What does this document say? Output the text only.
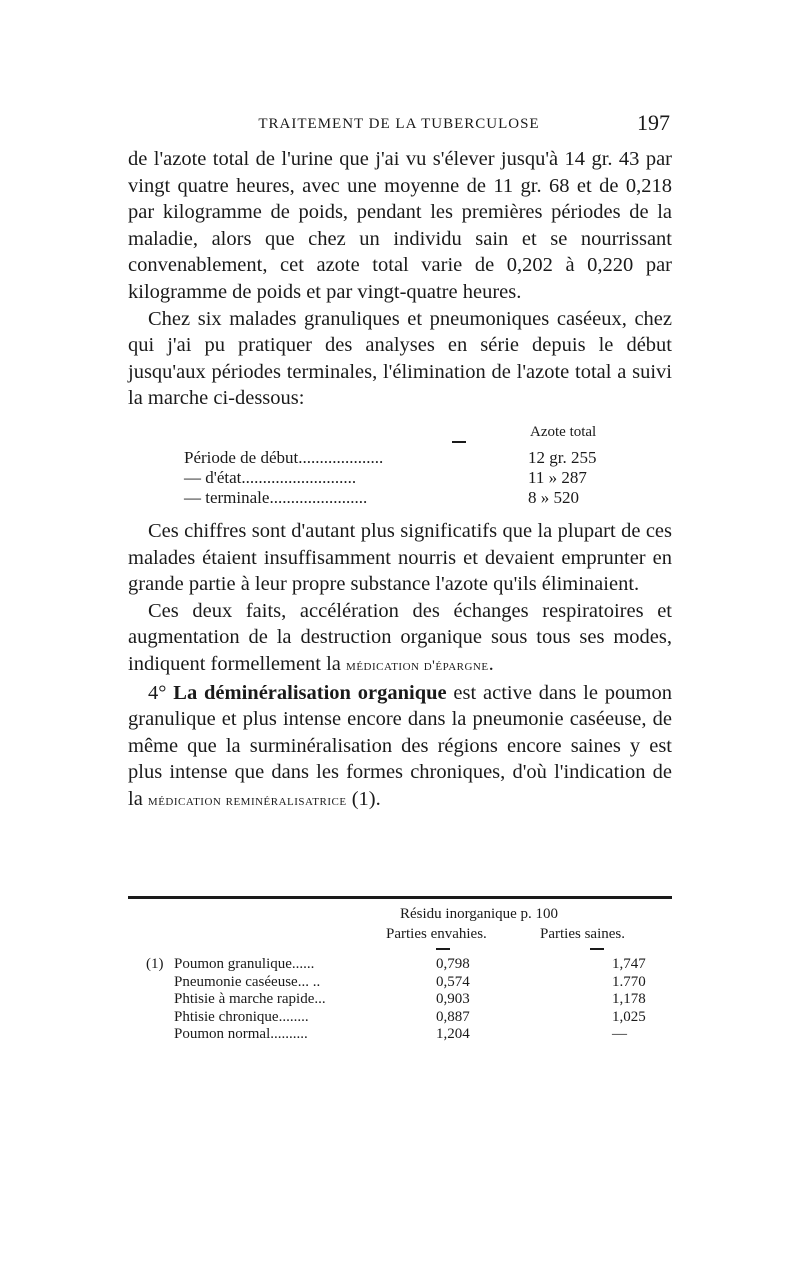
TRAITEMENT DE LA TUBERCULOSE	197

de l'azote total de l'urine que j'ai vu s'élever jusqu'à 14 gr. 43 par vingt quatre heures, avec une moyenne de 11 gr. 68 et de 0,218 par kilogramme de poids, pendant les premières périodes de la maladie, alors que chez un individu sain et se nourrissant convenablement, cet azote total varie de 0,202 à 0,220 par kilogramme de poids et par vingt-quatre heures.

Chez six malades granuliques et pneumoniques caséeux, chez qui j'ai pu pratiquer des analyses en série depuis le début jusqu'aux périodes terminales, l'élimination de l'azote total a suivi la marche ci-dessous:

Azote total
Période de début....................	12 gr. 255
— d'état...........................	11 » 287
— terminale.......................	8 » 520

Ces chiffres sont d'autant plus significatifs que la plupart de ces malades étaient insuffisamment nourris et devaient emprunter en grande partie à leur propre substance l'azote qu'ils éliminaient.

Ces deux faits, accélération des échanges respiratoires et augmentation de la destruction organique sous tous ses modes, indiquent formellement la médication d'épargne.

4° La déminéralisation organique est active dans le poumon granulique et plus intense encore dans la pneumonie caséeuse, de même que la surminéralisation des régions encore saines y est plus intense que dans les formes chroniques, d'où l'indication de la médication reminéralisatrice (1).

Résidu inorganique p. 100
Parties envahies.	Parties saines.
(1) Poumon granulique......	0,798	1,747
Pneumonie caséeuse... ..	0,574	1.770
Phtisie à marche rapide...	0,903	1,178
Phtisie chronique........	0,887	1,025
Poumon normal..........	1,204	—
